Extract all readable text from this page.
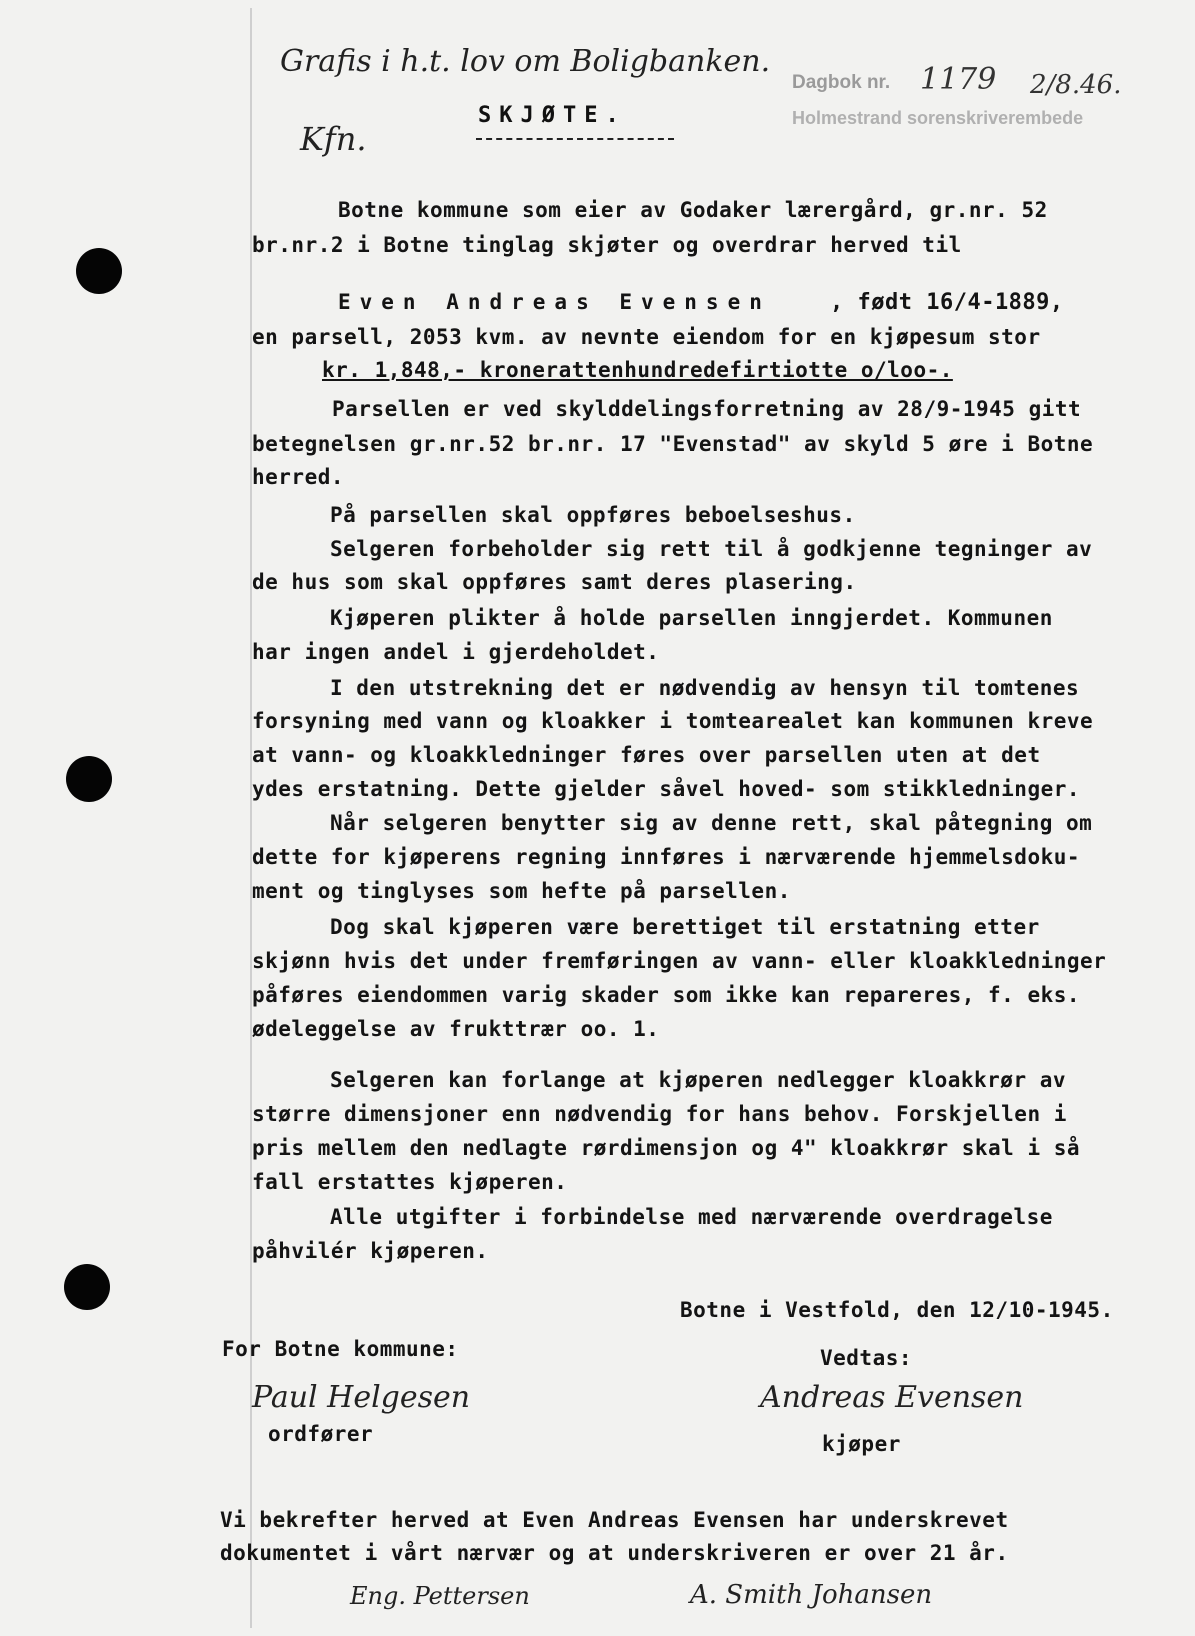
Grafis i h.t. lov om Boligbanken.
Kfn.
Dagbok nr. 1179 2/8.46.
Holmestrand sorenskriverembede
SKJØTE.
Botne kommune som eier av Godaker lærergård, gr.nr. 52
br.nr.2 i Botne tinglag skjøter og overdrar herved til
Even Andreas Evensen	, født 16/4-1889,
en parsell, 2053 kvm. av nevnte eiendom for en kjøpesum stor
kr. 1,848,- kronerattenhundredefirtiotte o/loo-.
Parsellen er ved skylddelingsforretning av 28/9-1945 gitt
betegnelsen gr.nr.52 br.nr. 17 "Evenstad" av skyld 5 øre i Botne
herred.
På parsellen skal oppføres beboelseshus.
Selgeren forbeholder sig rett til å godkjenne tegninger av
de hus som skal oppføres samt deres plasering.
Kjøperen plikter å holde parsellen inngjerdet. Kommunen
har ingen andel i gjerdeholdet.
I den utstrekning det er nødvendig av hensyn til tomtenes
forsyning med vann og kloakker i tomtearealet kan kommunen kreve
at vann- og kloakkledninger føres over parsellen uten at det
ydes erstatning. Dette gjelder såvel hoved- som stikkledninger.
Når selgeren benytter sig av denne rett, skal påtegning om
dette for kjøperens regning innføres i nærværende hjemmelsdoku-
ment og tinglyses som hefte på parsellen.
Dog skal kjøperen være berettiget til erstatning etter
skjønn hvis det under fremføringen av vann- eller kloakkledninger
påføres eiendommen varig skader som ikke kan repareres, f. eks.
ødeleggelse av frukttrær oo. 1.
Selgeren kan forlange at kjøperen nedlegger kloakkrør av
større dimensjoner enn nødvendig for hans behov. Forskjellen i
pris mellem den nedlagte rørdimensjon og 4" kloakkrør skal i så
fall erstattes kjøperen.
Alle utgifter i forbindelse med nærværende overdragelse
påhvilér kjøperen.
Botne i Vestfold, den 12/10-1945.
For Botne kommune:
Paul Helgesen
ordfører
Vedtas:
Andreas Evensen
kjøper
Vi bekrefter herved at Even Andreas Evensen har underskrevet
dokumentet i vårt nærvær og at underskriveren er over 21 år.
Eng. Pettersen	A. Smith Johansen
